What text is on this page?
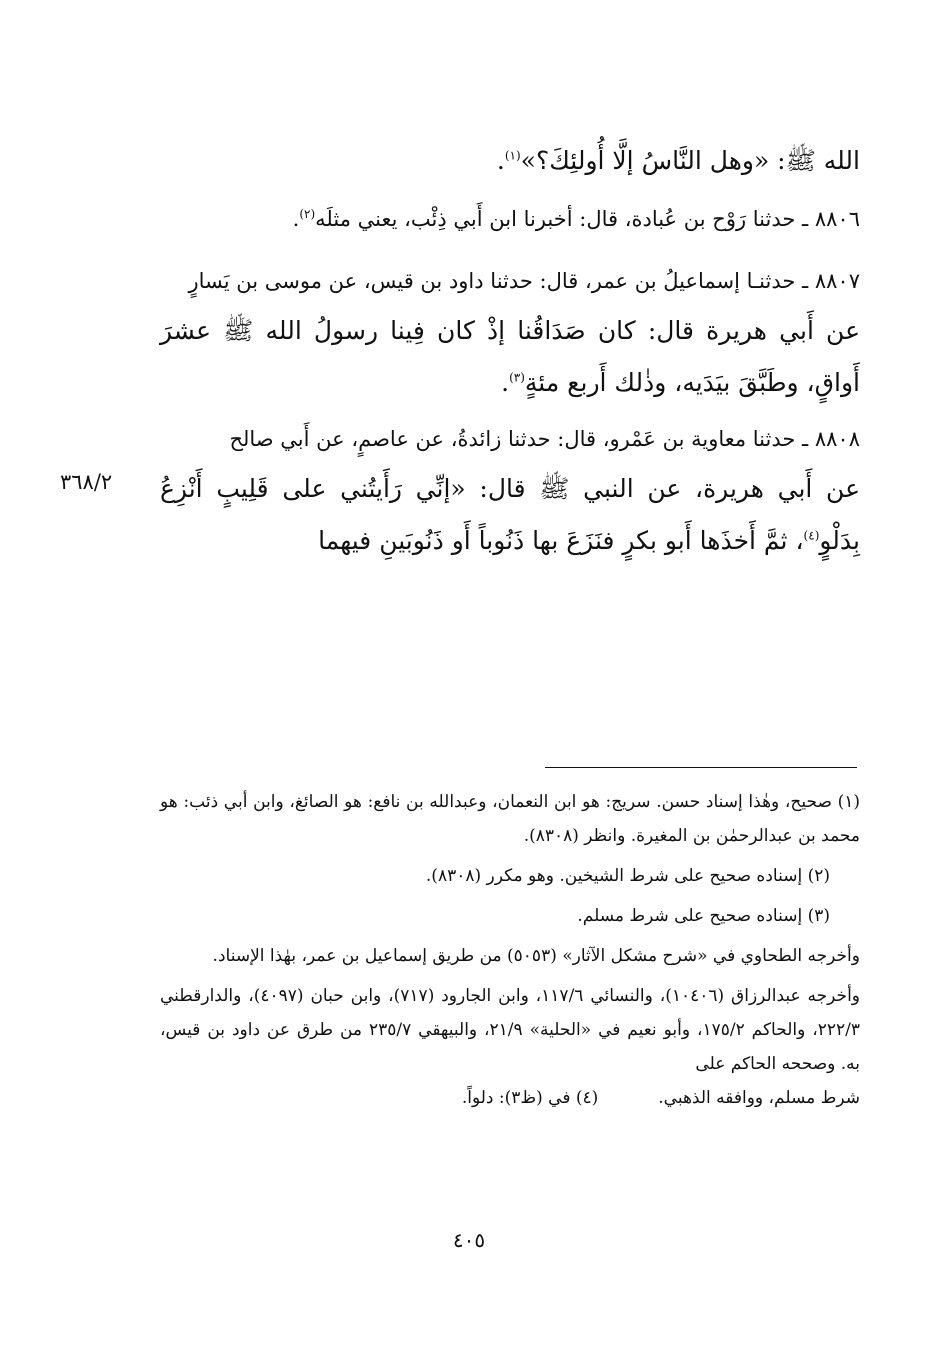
الله ﷺ: «وهل النَّاسُ إلَّا أُولئِكَ؟»$^{(١)}$.

٨٨٠٦ ـ حدثنا رَوْح بن عُبادة، قال: أخبرنا ابن أَبي ذِئْب، يعني مثلَه$^{(٢)}$.

٨٨٠٧ ـ حدثنـا إسماعيلُ بن عمر، قال: حدثنا داود بن قيس، عن موسى بن يَسارٍ

عن أَبي هريرة قال: كان صَدَاقُنا إذْ كان فِينا رسولُ الله ﷺ عشرَ أَواقٍ، وطَبَّقَ بيَدَيه، وذٰلك أَربع مئةٍ$^{(٣)}$.

٨٨٠٨ ـ حدثنا معاوية بن عَمْرو، قال: حدثنا زائدةُ، عن عاصمٍ، عن أَبي صالح

عن أَبي هريرة، عن النبي ﷺ قال: «إنِّي رَأَيتُني على قَلِيبٍ أَنْزِعُ بِدَلْوٍ$^{(٤)}$، ثمَّ أَخذَها أَبو بكرٍ فنَزَعَ بها ذَنُوباً أَو ذَنُوبَينِ فيهما

٣٦٨/٢

(١) صحيح، وهٰذا إسناد حسن. سريج: هو ابن النعمان، وعبدالله بن نافع: هو الصائغ، وابن أبي ذئب: هو محمد بن عبدالرحمٰن بن المغيرة. وانظر (٨٣٠٨).

(٢) إسناده صحيح على شرط الشيخين. وهو مكرر (٨٣٠٨).

(٣) إسناده صحيح على شرط مسلم.

وأخرجه الطحاوي في «شرح مشكل الآثار» (٥٠٥٣) من طريق إسماعيل بن عمر، بهٰذا الإسناد.

وأخرجه عبدالرزاق (١٠٤٠٦)، والنسائي ١١٧/٦، وابن الجارود (٧١٧)، وابن حبان (٤٠٩٧)، والدارقطني ٢٢٢/٣، والحاكم ١٧٥/٢، وأبو نعيم في «الحلية» ٢١/٩، والبيهقي ٢٣٥/٧ من طرق عن داود بن قيس، به. وصححه الحاكم على

شرط مسلم، ووافقه الذهبي.
(٤) في (ظ٣): دلواً.
٤٠٥
